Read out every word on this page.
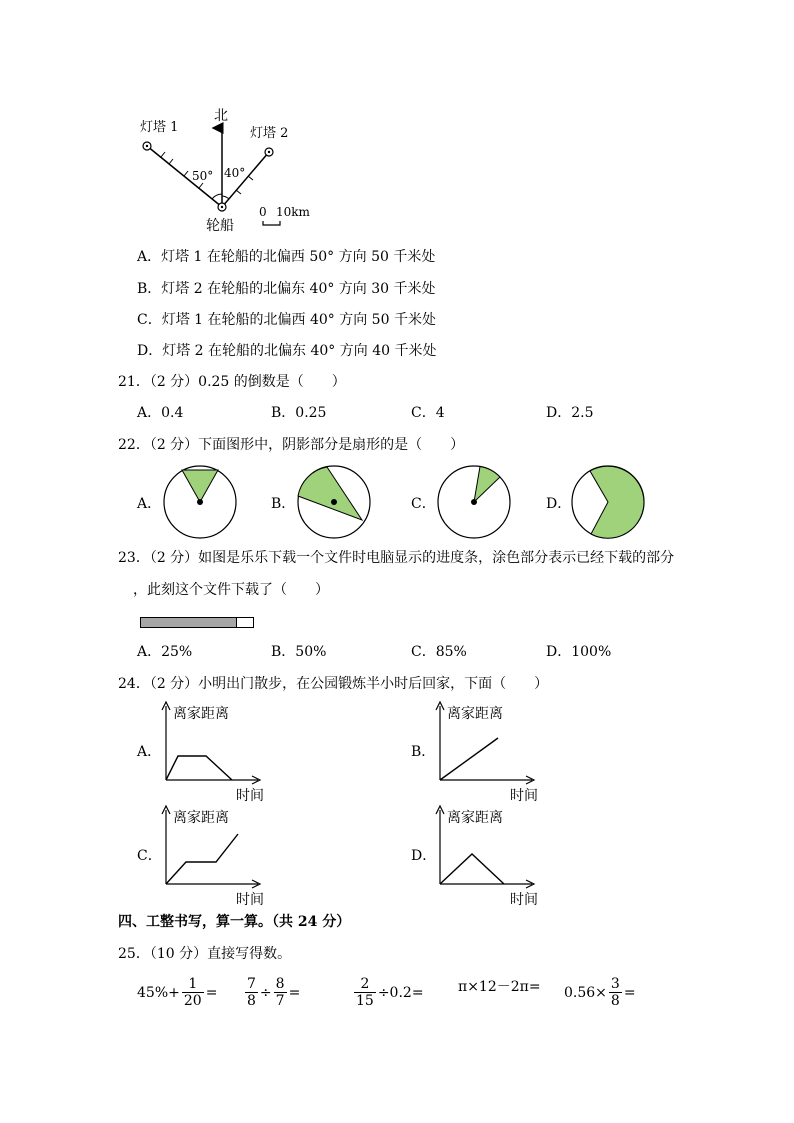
北
灯塔 1	灯塔 2
50° 40°
轮船
0 10km
A．灯塔 1 在轮船的北偏西 50° 方向 50 千米处
B．灯塔 2 在轮船的北偏东 40° 方向 30 千米处
C．灯塔 1 在轮船的北偏西 40° 方向 50 千米处
D．灯塔 2 在轮船的北偏东 40° 方向 40 千米处
21．（2 分）0.25 的倒数是（　　）
A．0.4	B．0.25	C．4	D．2.5
22．（2 分）下面图形中，阴影部分是扇形的是（　　）
A．	B．	C．	D．
23．（2 分）如图是乐乐下载一个文件时电脑显示的进度条，涂色部分表示已经下载的部分
，此刻这个文件下载了（　　）
A．25%	B．50%	C．85%	D．100%
24．（2 分）小明出门散步，在公园锻炼半小时后回家，下面（　　）
A．	B．
C．	D．
离家距离
时间
离家距离
时间
离家距离
时间
离家距离
时间
四、工整书写，算一算。（共 24 分）
25．（10 分）直接写得数。
$45\%+ \frac{1}{20} = \frac{7}{8} \div \frac{8}{7}$ =	$\frac{2}{15} \div 0.2= \pi\times 12-2\pi= 0.56\times \frac{3}{8}$ =
